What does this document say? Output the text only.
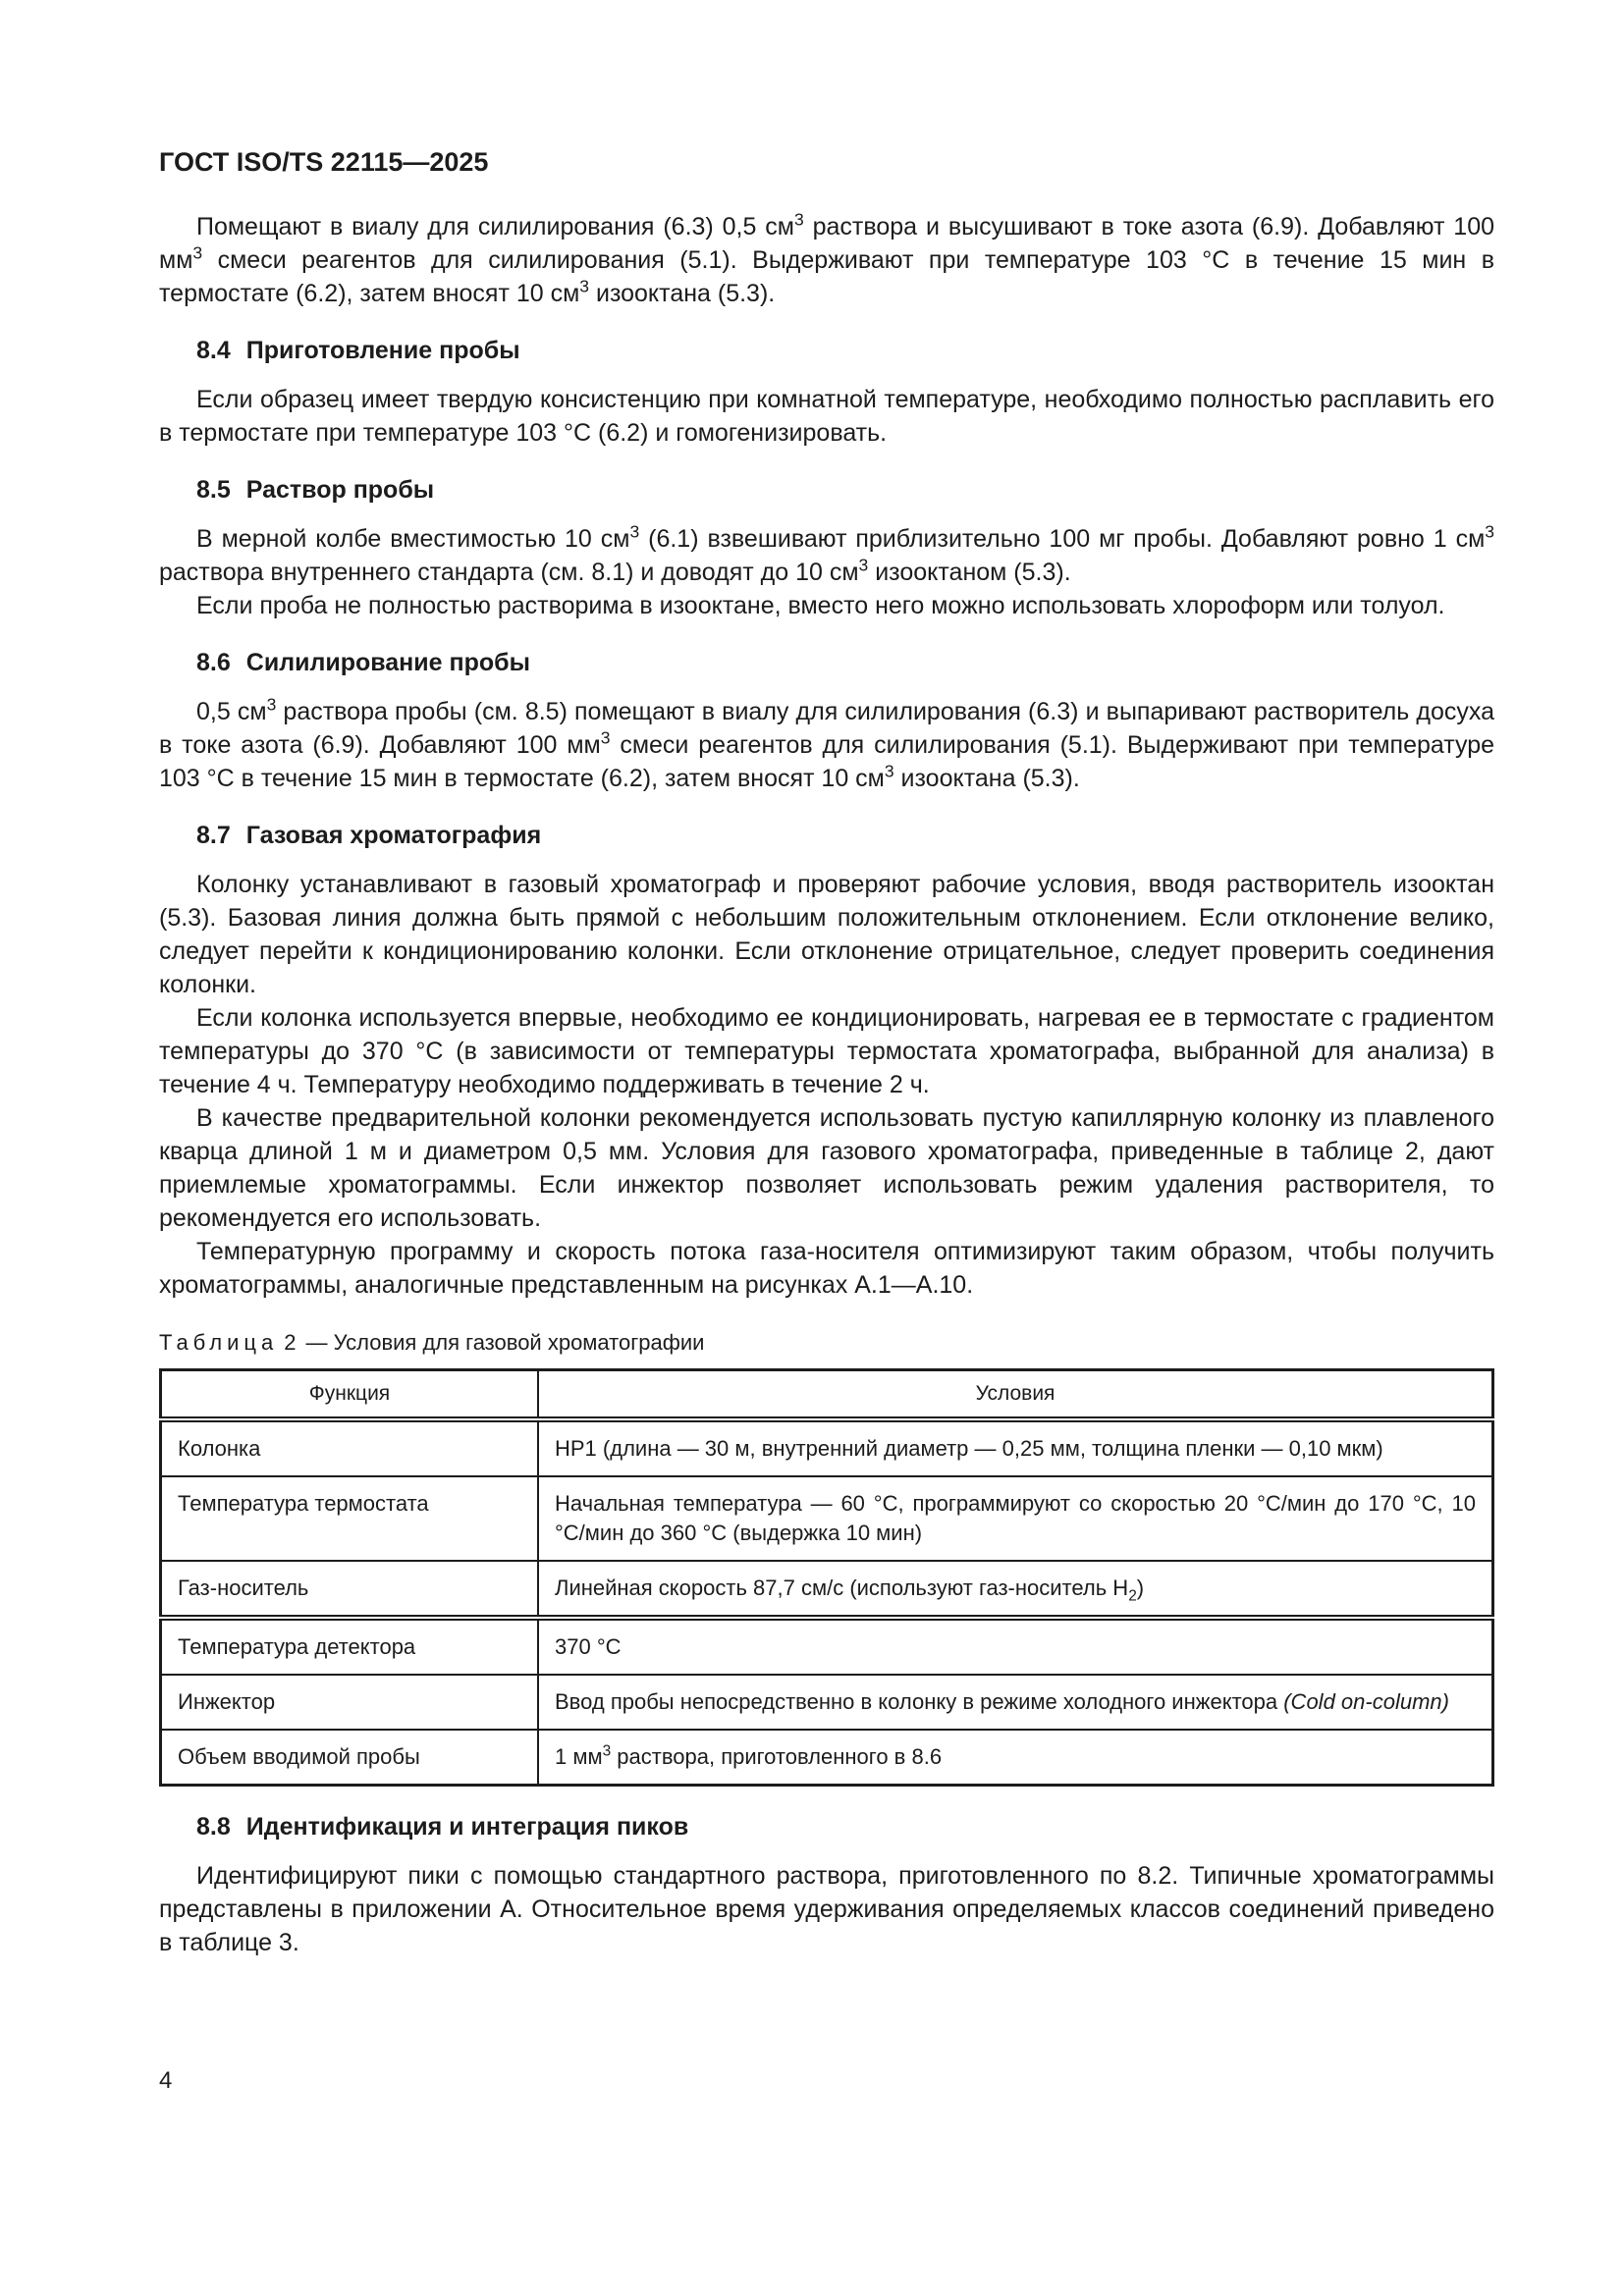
ГОСТ ISO/TS 22115—2025

Помещают в виалу для силилирования (6.3) 0,5 $см^3$ раствора и высушивают в токе азота (6.9). Добавляют 100 $мм^3$ смеси реагентов для силилирования (5.1). Выдерживают при температуре 103 °С в течение 15 мин в термостате (6.2), затем вносят 10 $см^3$ изооктана (5.3).

8.4 Приготовление пробы

Если образец имеет твердую консистенцию при комнатной температуре, необходимо полностью расплавить его в термостате при температуре 103 °С (6.2) и гомогенизировать.

8.5 Раствор пробы

В мерной колбе вместимостью 10 $см^3$ (6.1) взвешивают приблизительно 100 мг пробы. Добавляют ровно 1 $см^3$ раствора внутреннего стандарта (см. 8.1) и доводят до 10 $см^3$ изооктаном (5.3).

Если проба не полностью растворима в изооктане, вместо него можно использовать хлороформ или толуол.

8.6 Силилирование пробы

0,5 $см^3$ раствора пробы (см. 8.5) помещают в виалу для силилирования (6.3) и выпаривают растворитель досуха в токе азота (6.9). Добавляют 100 $мм^3$ смеси реагентов для силилирования (5.1). Выдерживают при температуре 103 °С в течение 15 мин в термостате (6.2), затем вносят 10 $см^3$ изооктана (5.3).

8.7 Газовая хроматография

Колонку устанавливают в газовый хроматограф и проверяют рабочие условия, вводя растворитель изооктан (5.3). Базовая линия должна быть прямой с небольшим положительным отклонением. Если отклонение велико, следует перейти к кондиционированию колонки. Если отклонение отрицательное, следует проверить соединения колонки.

Если колонка используется впервые, необходимо ее кондиционировать, нагревая ее в термостате с градиентом температуры до 370 °С (в зависимости от температуры термостата хроматографа, выбранной для анализа) в течение 4 ч. Температуру необходимо поддерживать в течение 2 ч.

В качестве предварительной колонки рекомендуется использовать пустую капиллярную колонку из плавленого кварца длиной 1 м и диаметром 0,5 мм. Условия для газового хроматографа, приведенные в таблице 2, дают приемлемые хроматограммы. Если инжектор позволяет использовать режим удаления растворителя, то рекомендуется его использовать.

Температурную программу и скорость потока газа-носителя оптимизируют таким образом, чтобы получить хроматограммы, аналогичные представленным на рисунках А.1—А.10.

Таблица 2 — Условия для газовой хроматографии

Функция	Условия
Колонка	HP1 (длина — 30 м, внутренний диаметр — 0,25 мм, толщина пленки — 0,10 мкм)
Температура термостата	Начальная температура — 60 °С, программируют со скоростью 20 °С/мин до 170 °С, 10 °С/мин до 360 °С (выдержка 10 мин)
Газ-носитель	Линейная скорость 87,7 см/с (используют газ-носитель $Н_2$)
Температура детектора	370 °С
Инжектор	Ввод пробы непосредственно в колонку в режиме холодного инжектора (Cold on-column)
Объем вводимой пробы	1 $мм^3$ раствора, приготовленного в 8.6

8.8 Идентификация и интеграция пиков

Идентифицируют пики с помощью стандартного раствора, приготовленного по 8.2. Типичные хроматограммы представлены в приложении А. Относительное время удерживания определяемых классов соединений приведено в таблице 3.

4
